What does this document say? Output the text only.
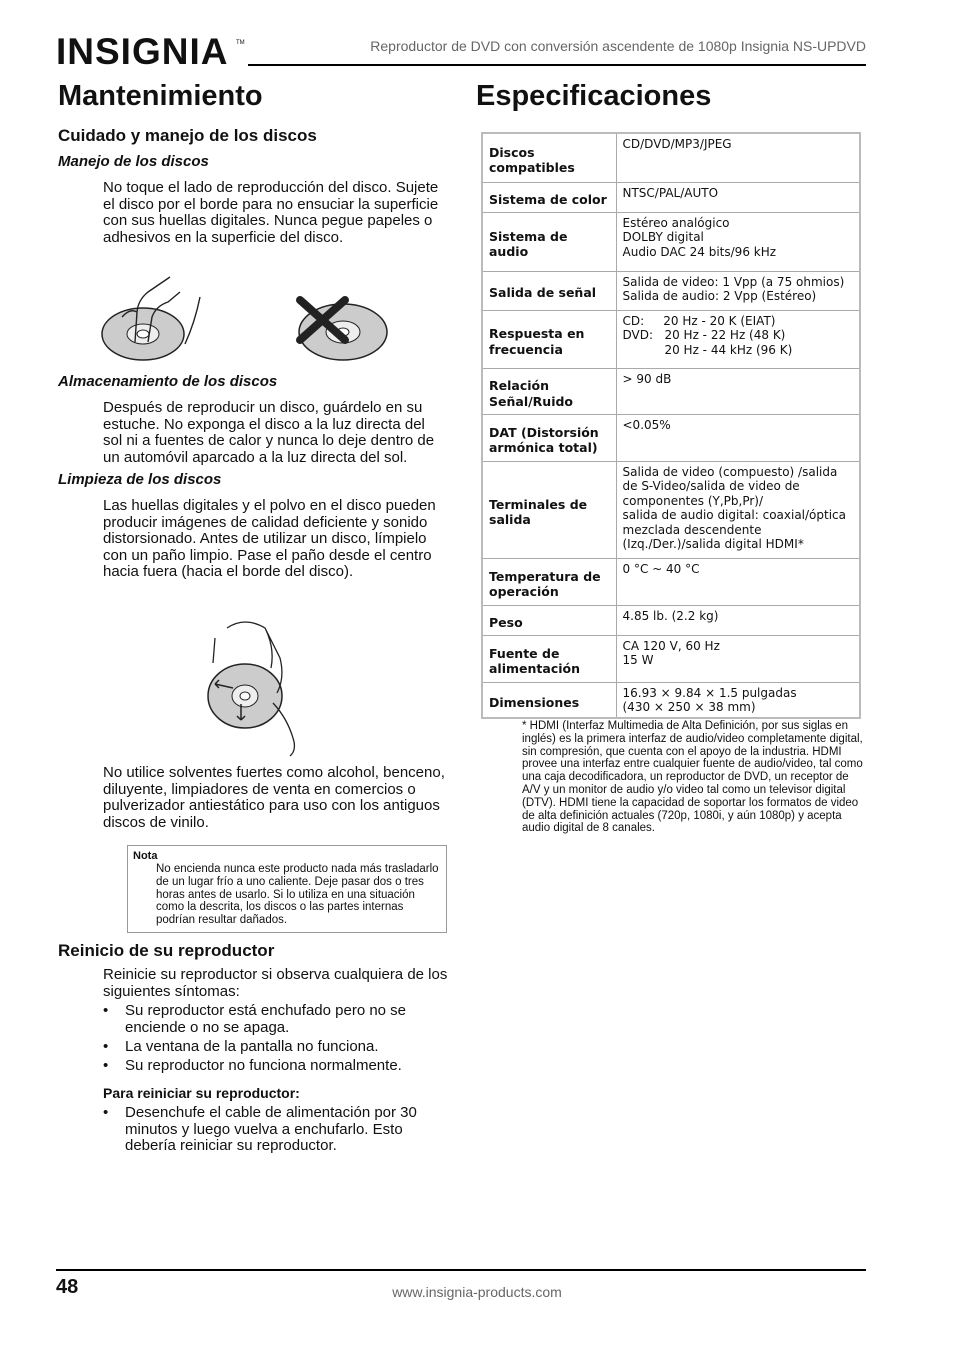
INSIGNIA TM	Reproductor de DVD con conversión ascendente de 1080p Insignia NS-UPDVD
Mantenimiento
Cuidado y manejo de los discos
Manejo de los discos
No toque el lado de reproducción del disco. Sujete el disco por el borde para no ensuciar la superficie con sus huellas digitales. Nunca pegue papeles o adhesivos en la superficie del disco.
Almacenamiento de los discos
Después de reproducir un disco, guárdelo en su estuche. No exponga el disco a la luz directa del sol ni a fuentes de calor y nunca lo deje dentro de un automóvil aparcado a la luz directa del sol.
Limpieza de los discos
Las huellas digitales y el polvo en el disco pueden producir imágenes de calidad deficiente y sonido distorsionado. Antes de utilizar un disco, límpielo con un paño limpio. Pase el paño desde el centro hacia fuera (hacia el borde del disco).
No utilice solventes fuertes como alcohol, benceno, diluyente, limpiadores de venta en comercios o pulverizador antiestático para uso con los antiguos discos de vinilo.
Nota
No encienda nunca este producto nada más trasladarlo de un lugar frío a uno caliente. Deje pasar dos o tres horas antes de usarlo. Si lo utiliza en una situación como la descrita, los discos o las partes internas podrían resultar dañados.
Reinicio de su reproductor
Reinicie su reproductor si observa cualquiera de los siguientes síntomas:
• Su reproductor está enchufado pero no se enciende o no se apaga.
• La ventana de la pantalla no funciona.
• Su reproductor no funciona normalmente.
Para reiniciar su reproductor:
• Desenchufe el cable de alimentación por 30 minutos y luego vuelva a enchufarlo. Esto debería reiniciar su reproductor.
Especificaciones
Discos compatibles	CD/DVD/MP3/JPEG
Sistema de color	NTSC/PAL/AUTO
Sistema de audio	Estéreo analógico
DOLBY digital
Audio DAC 24 bits/96 kHz
Salida de señal	Salida de video: 1 Vpp (a 75 ohmios)
Salida de audio: 2 Vpp (Estéreo)
Respuesta en frecuencia	CD:     20 Hz - 20 K (EIAT)
DVD:   20 Hz - 22 Hz (48 K)
20 Hz - 44 kHz (96 K)
Relación Señal/Ruido	> 90 dB
DAT (Distorsión armónica total)	<0.05%
Terminales de salida	Salida de video (compuesto) /salida de S-Video/salida de video de componentes (Y,Pb,Pr)/
salida de audio digital: coaxial/óptica mezclada descendente (Izq./Der.)/salida digital HDMI*
Temperatura de operación	0 °C ~ 40 °C
Peso	4.85 lb. (2.2 kg)
Fuente de alimentación	CA 120 V, 60 Hz
15 W
Dimensiones	16.93 × 9.84 × 1.5 pulgadas
(430 × 250 × 38 mm)
* HDMI (Interfaz Multimedia de Alta Definición, por sus siglas en inglés) es la primera interfaz de audio/video completamente digital, sin compresión, que cuenta con el apoyo de la industria. HDMI provee una interfaz entre cualquier fuente de audio/video, tal como una caja decodificadora, un reproductor de DVD, un receptor de A/V y un monitor de audio y/o video tal como un televisor digital (DTV). HDMI tiene la capacidad de soportar los formatos de video de alta definición actuales (720p, 1080i, y aún 1080p) y acepta audio digital de 8 canales.
48	www.insignia-products.com
